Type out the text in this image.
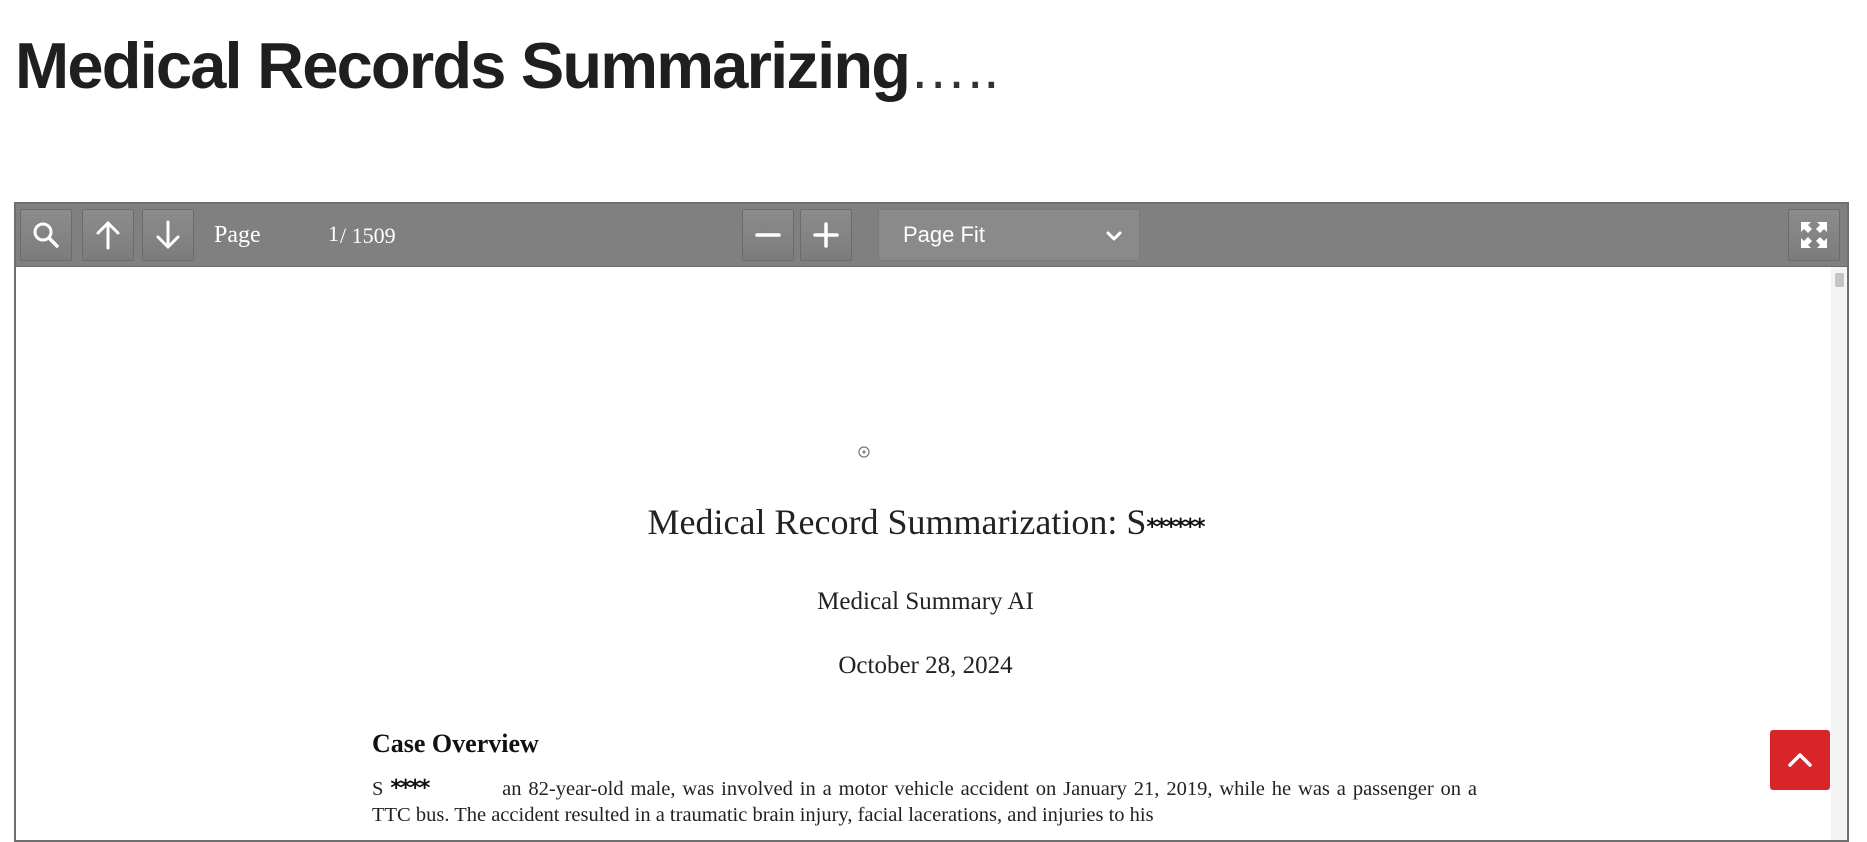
Medical Records Summarizing…..
Page
1	/ 1509	Page Fit
Medical Record Summarization: S******
Medical Summary AI
October 28, 2024
Case Overview
S ****	an 82-year-old male, was involved in a motor vehicle accident on January 21, 2019, while he was a passenger on a TTC bus. The accident resulted in a traumatic brain injury, facial lacerations, and injuries to his
